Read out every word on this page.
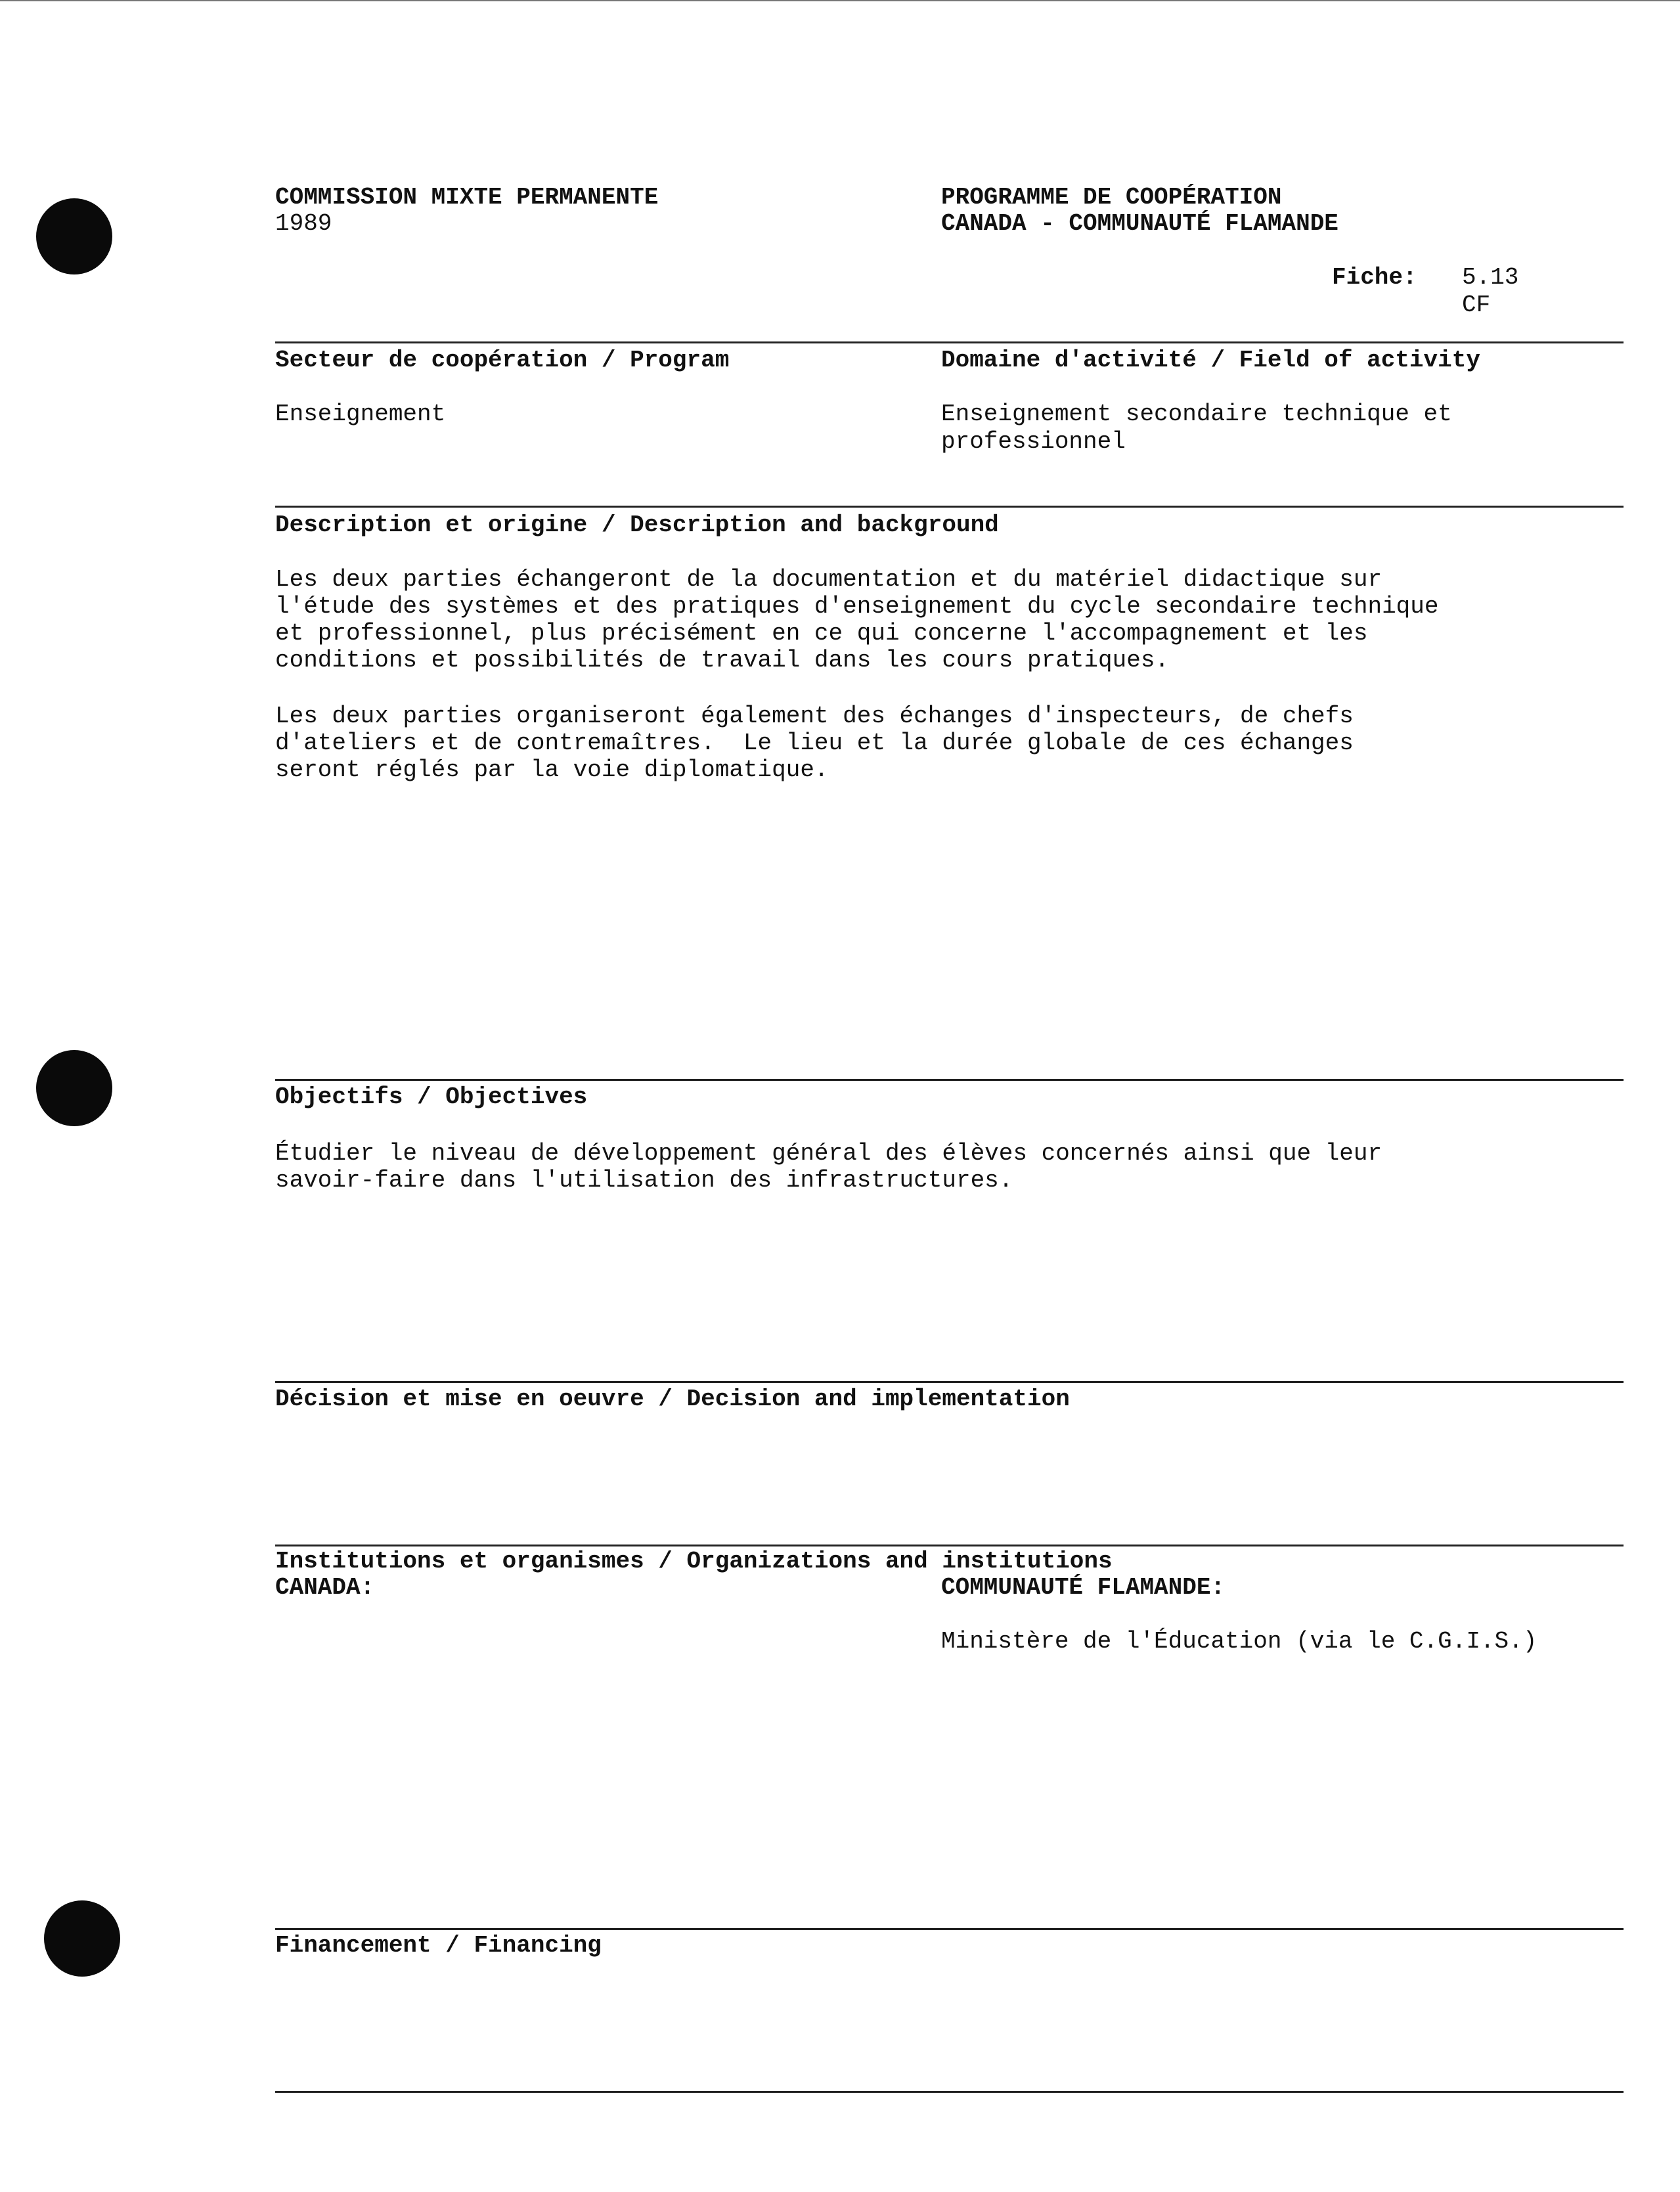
COMMISSION MIXTE PERMANENTE
1989
PROGRAMME DE COOPÉRATION
CANADA - COMMUNAUTÉ FLAMANDE
Fiche: 5.13
CF
Secteur de coopération / Program
Enseignement
Domaine d'activité / Field of activity
Enseignement secondaire technique et
professionnel
Description et origine / Description and background
Les deux parties échangeront de la documentation et du matériel didactique sur
l'étude des systèmes et des pratiques d'enseignement du cycle secondaire technique
et professionnel, plus précisément en ce qui concerne l'accompagnement et les
conditions et possibilités de travail dans les cours pratiques.
Les deux parties organiseront également des échanges d'inspecteurs, de chefs
d'ateliers et de contremaîtres.  Le lieu et la durée globale de ces échanges
seront réglés par la voie diplomatique.
Objectifs / Objectives
Étudier le niveau de développement général des élèves concernés ainsi que leur
savoir-faire dans l'utilisation des infrastructures.
Décision et mise en oeuvre / Decision and implementation
Institutions et organismes / Organizations and institutions
CANADA:	COMMUNAUTÉ FLAMANDE:
Ministère de l'Éducation (via le C.G.I.S.)
Financement / Financing
